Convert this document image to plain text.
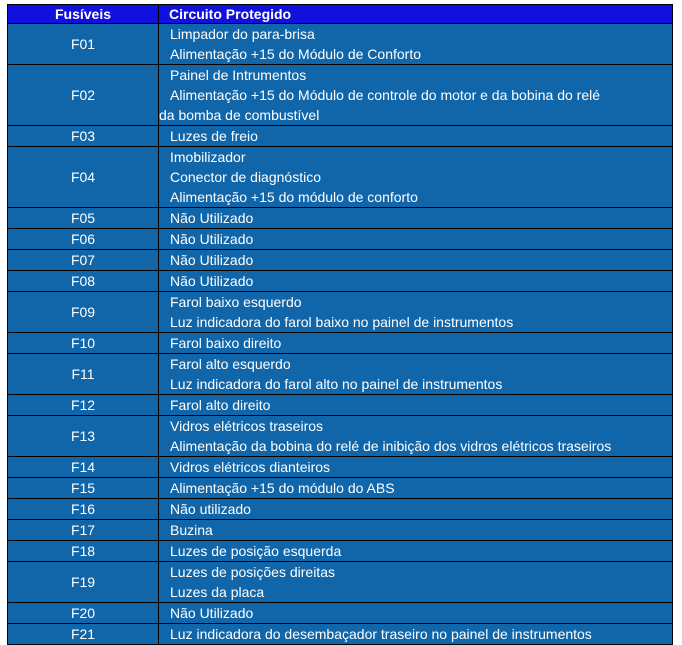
Fusíveis	Circuito Protegido
F01	Limpador do para-brisa
Alimentação +15 do Módulo de Conforto

F02	Painel de Intrumentos
Alimentação +15 do Módulo de controle do motor e da bobina do relé
da bomba de combustível

F03	Luzes de freio

F04	Imobilizador
Conector de diagnóstico
Alimentação +15 do módulo de conforto

F05	Não Utilizado

F06	Não Utilizado

F07	Não Utilizado

F08	Não Utilizado

F09	Farol baixo esquerdo
Luz indicadora do farol baixo no painel de instrumentos

F10	Farol baixo direito

F11	Farol alto esquerdo
Luz indicadora do farol alto no painel de instrumentos

F12	Farol alto direito

F13	Vidros elétricos traseiros
Alimentação da bobina do relé de inibição dos vidros elétricos traseiros

F14	Vidros elétricos dianteiros

F15	Alimentação +15 do módulo do ABS

F16	Não utilizado

F17	Buzina

F18	Luzes de posição esquerda

F19	Luzes de posições direitas
Luzes da placa

F20	Não Utilizado

F21	Luz indicadora do desembaçador traseiro no painel de instrumentos
